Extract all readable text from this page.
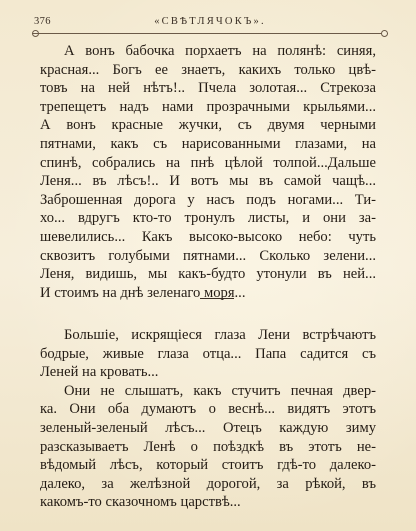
376	«СВѢТЛЯЧОКЪ».

А вонъ бабочка порхаетъ на полянѣ: синяя,
красная... Богъ ее знаетъ, какихъ только цвѣ-
товъ на ней нѣтъ!.. Пчела золотая... Стрекоза
трепещетъ надъ нами прозрачными крыльями...
А вонъ красные жучки, съ двумя черными
пятнами, какъ съ нарисованными глазами, на
спинѣ, собрались на пнѣ цѣлой толпой...Дальше
Леня... въ лѣсъ!.. И вотъ мы въ самой чащѣ...
Заброшенная дорога у насъ подъ ногами... Ти-
хо... вдругъ кто-то тронулъ листы, и они за-
шевелились... Какъ высоко-высоко небо: чуть
сквозитъ голубыми пятнами... Сколько зелени...
Леня, видишь, мы какъ-будто утонули въ ней...
И стоимъ на днѣ зеленаго моря...

Большіе, искрящіеся глаза Лени встрѣчаютъ
бодрые, живые глаза отца... Папа садится съ
Леней на кровать...

Они не слышатъ, какъ стучитъ печная двер-
ка. Они оба думаютъ о веснѣ... видятъ этотъ
зеленый-зеленый лѣсъ... Отецъ каждую зиму
разсказываетъ Ленѣ о поѣздкѣ въ этотъ не-
вѣдомый лѣсъ, который стоитъ гдѣ-то далеко-
далеко, за желѣзной дорогой, за рѣкой, въ
какомъ-то сказочномъ царствѣ...
